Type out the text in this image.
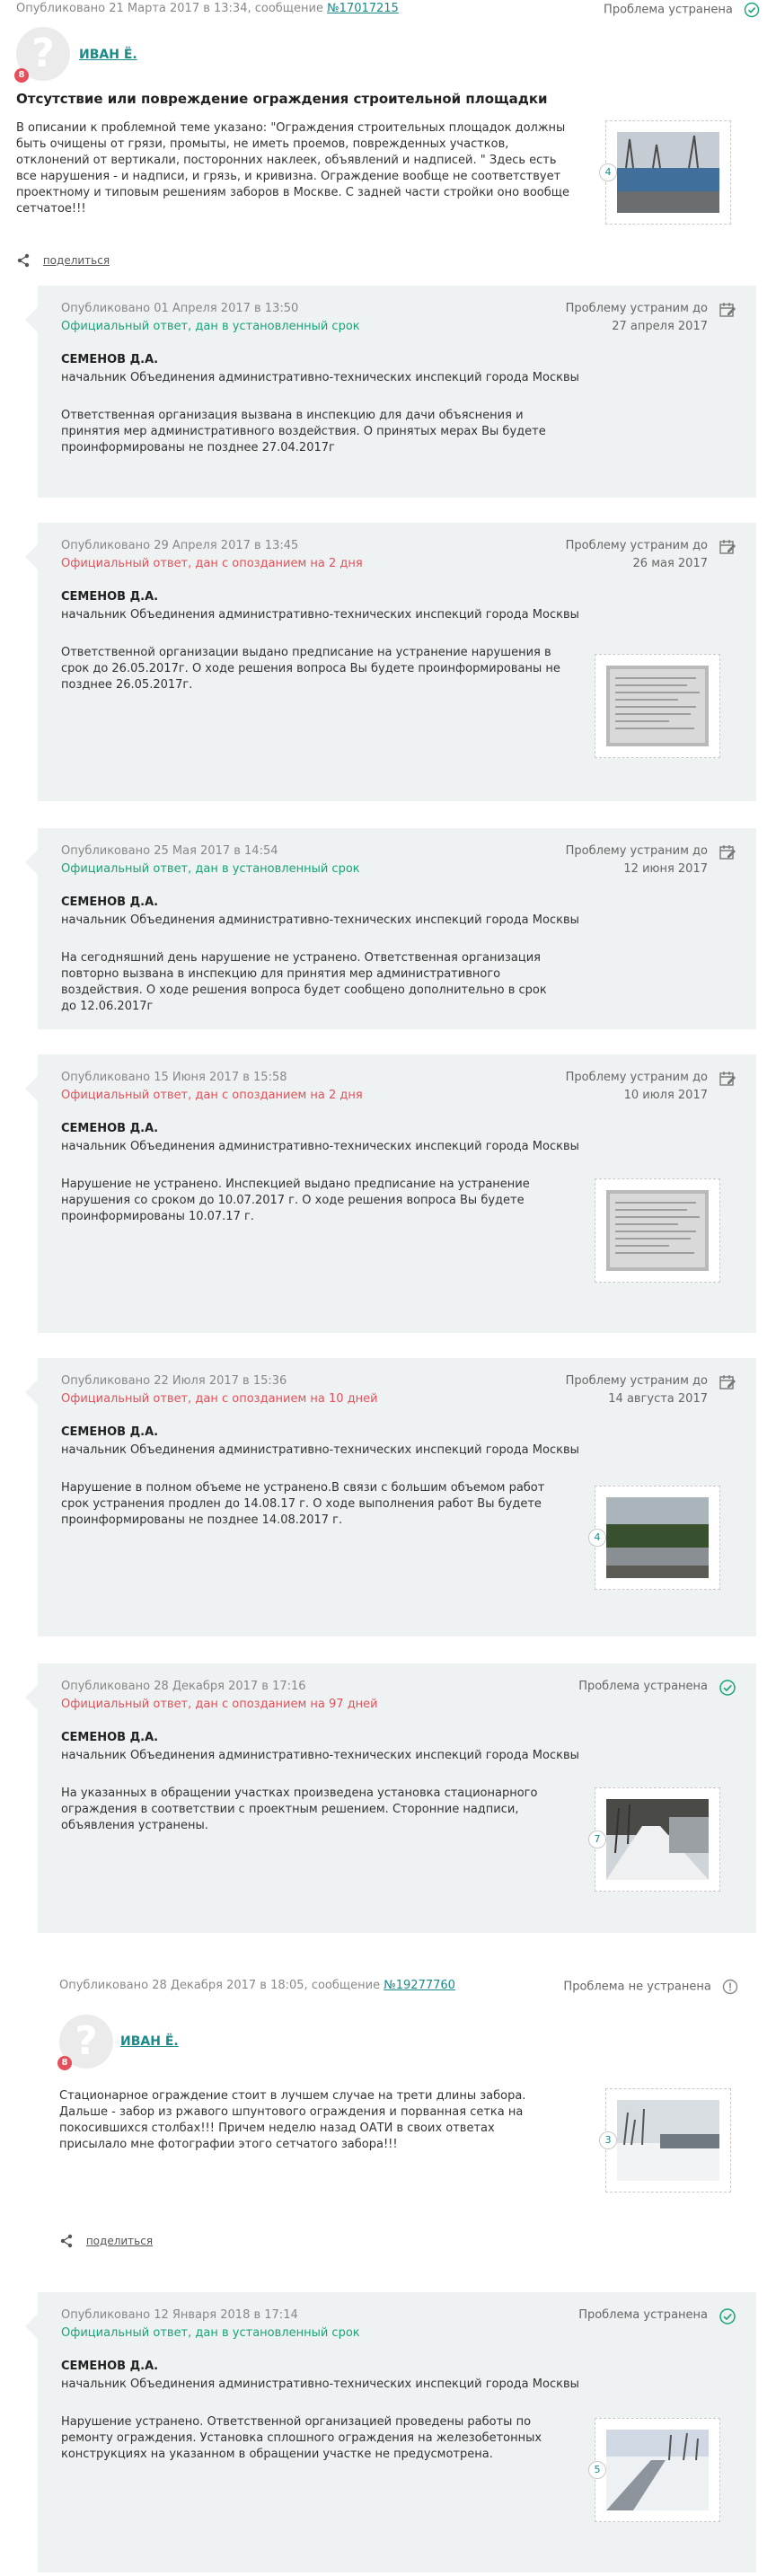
Опубликовано 21 Марта 2017 в 13:34, сообщение №17017215	Проблема устранена
?
8
ИВАН Ё.
Отсутствие или повреждение ограждения строительной площадки
В описании к проблемной теме указано: "Ограждения строительных площадок должны быть очищены от грязи, промыты, не иметь проемов, поврежденных участков, отклонений от вертикали, посторонних наклеек, объявлений и надписей. " Здесь есть все нарушения - и надписи, и грязь, и кривизна. Ограждение вообще не соответствует проектному и типовым решениям заборов в Москве. С задней части стройки оно вообще сетчатое!!!
4
поделиться
Опубликовано 01 Апреля 2017 в 13:50
Официальный ответ, дан в установленный срок
Проблему устраним до
27 апреля 2017
СЕМЕНОВ Д.А.
начальник Объединения административно-технических инспекций города Москвы
Ответственная организация вызвана в инспекцию для дачи объяснения и принятия мер административного воздействия. О принятых мерах Вы будете проинформированы не позднее 27.04.2017г
Опубликовано 29 Апреля 2017 в 13:45
Официальный ответ, дан с опозданием на 2 дня
Проблему устраним до
26 мая 2017
СЕМЕНОВ Д.А.
начальник Объединения административно-технических инспекций города Москвы
Ответственной организации выдано предписание на устранение нарушения в срок до 26.05.2017г. О ходе решения вопроса Вы будете проинформированы не позднее 26.05.2017г.
Опубликовано 25 Мая 2017 в 14:54
Официальный ответ, дан в установленный срок
Проблему устраним до
12 июня 2017
СЕМЕНОВ Д.А.
начальник Объединения административно-технических инспекций города Москвы
На сегодняшний день нарушение не устранено. Ответственная организация повторно вызвана в инспекцию для принятия мер административного воздействия. О ходе решения вопроса будет сообщено дополнительно в срок до 12.06.2017г
Опубликовано 15 Июня 2017 в 15:58
Официальный ответ, дан с опозданием на 2 дня
Проблему устраним до
10 июля 2017
СЕМЕНОВ Д.А.
начальник Объединения административно-технических инспекций города Москвы
Нарушение не устранено. Инспекцией выдано предписание на устранение нарушения со сроком до 10.07.2017 г. О ходе решения вопроса Вы будете проинформированы 10.07.17 г.
Опубликовано 22 Июля 2017 в 15:36
Официальный ответ, дан с опозданием на 10 дней
Проблему устраним до
14 августа 2017
СЕМЕНОВ Д.А.
начальник Объединения административно-технических инспекций города Москвы
Нарушение в полном объеме не устранено.В связи с большим объемом работ срок устранения продлен до 14.08.17 г. О ходе выполнения работ Вы будете проинформированы не позднее 14.08.2017 г.
4
Опубликовано 28 Декабря 2017 в 17:16
Официальный ответ, дан с опозданием на 97 дней
Проблема устранена
СЕМЕНОВ Д.А.
начальник Объединения административно-технических инспекций города Москвы
На указанных в обращении участках произведена установка стационарного ограждения в соответствии с проектным решением. Сторонние надписи, объявления устранены.
7
Опубликовано 12 Января 2018 в 17:14
Официальный ответ, дан в установленный срок
Проблема устранена
СЕМЕНОВ Д.А.
начальник Объединения административно-технических инспекций города Москвы
Нарушение устранено. Ответственной организацией проведены работы по ремонту ограждения. Установка сплошного ограждения на железобетонных конструкциях на указанном в обращении участке не предусмотрена.
5
Опубликовано 28 Декабря 2017 в 18:05, сообщение №19277760	Проблема не устранена
?
8
ИВАН Ё.
Стационарное ограждение стоит в лучшем случае на трети длины забора. Дальше - забор из ржавого шпунтового ограждения и порванная сетка на покосившихся столбах!!! Причем неделю назад ОАТИ в своих ответах присылало мне фотографии этого сетчатого забора!!!	3
поделиться
